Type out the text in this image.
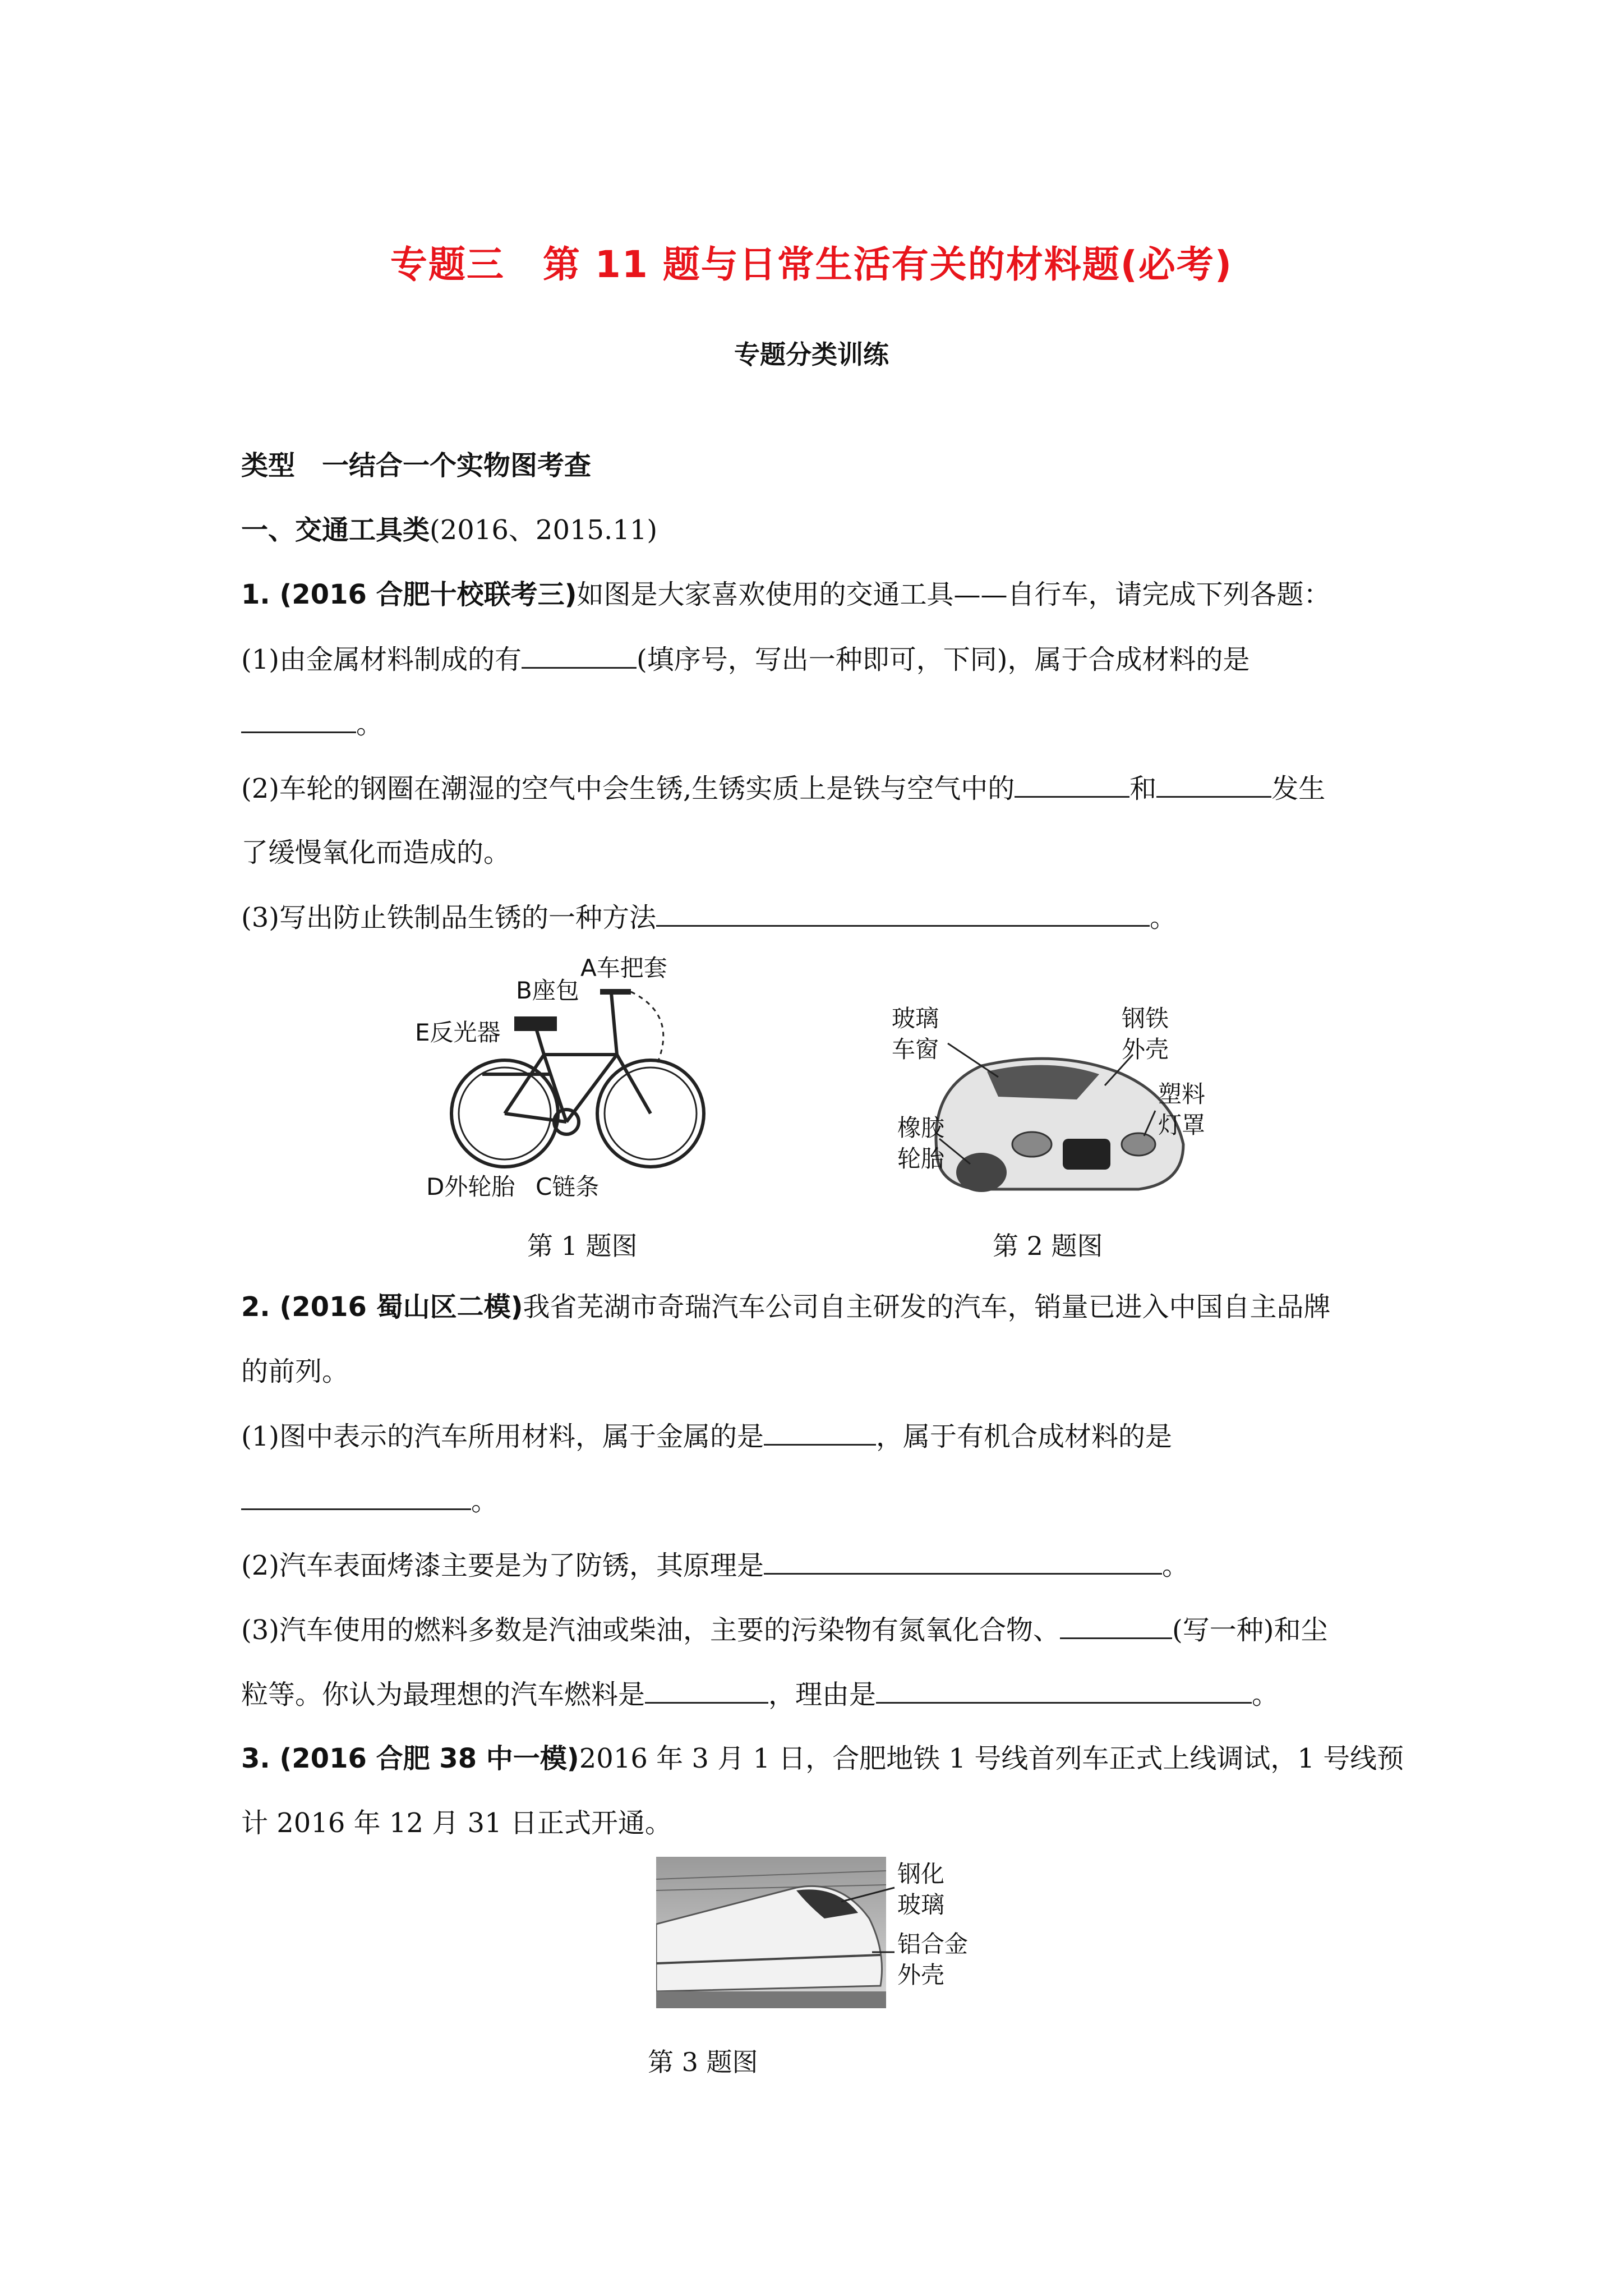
专题三　第 11 题与日常生活有关的材料题(必考)
专题分类训练
类型　一结合一个实物图考查
一、交通工具类(2016、2015.11)
1. (2016 合肥十校联考三)如图是大家喜欢使用的交通工具——自行车，请完成下列各题：
(1)由金属材料制成的有	(填序号，写出一种即可，下同)，属于合成材料的是
。
(2)车轮的钢圈在潮湿的空气中会生锈,生锈实质上是铁与空气中的	和	发生
了缓慢氧化而造成的。
(3)写出防止铁制品生锈的一种方法	。
A车把套
B座包
E反光器
D外轮胎 C链条
第 1 题图
玻璃
车窗
钢铁
外壳
塑料
灯罩
橡胶
轮胎
第 2 题图
2. (2016 蜀山区二模)我省芜湖市奇瑞汽车公司自主研发的汽车，销量已进入中国自主品牌
的前列。
(1)图中表示的汽车所用材料，属于金属的是	，属于有机合成材料的是
。
(2)汽车表面烤漆主要是为了防锈，其原理是	。
(3)汽车使用的燃料多数是汽油或柴油，主要的污染物有氮氧化合物、	(写一种)和尘
粒等。你认为最理想的汽车燃料是	，理由是	。
3. (2016 合肥 38 中一模)2016 年 3 月 1 日，合肥地铁 1 号线首列车正式上线调试，1 号线预
计 2016 年 12 月 31 日正式开通。
钢化
玻璃
铝合金
外壳
第 3 题图
